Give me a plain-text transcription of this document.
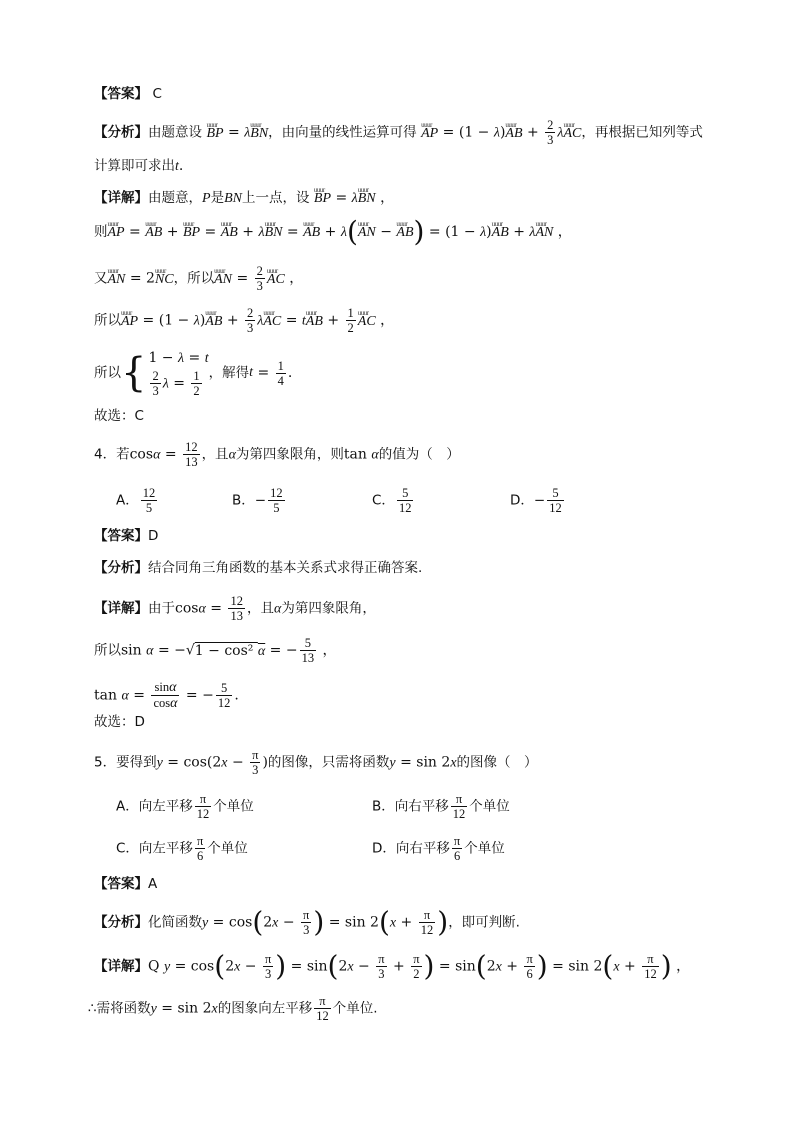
【答案】 C
【分析】由题意设 uuur BP = λuuur BN，由向量的线性运算可得 uuur AP = (1 − λ)uuur AB + $\frac{2}{3}$ λuuur AC，再根据已知列等式
计算即可求出t.
【详解】由题意，P是BN上一点，设 uuur BP = λuuur BN ，
则uuur AP = uuur AB + uuur BP = uuur AB + λuuur BN = uuur AB + λ(uuur AN − uuur AB) = (1 − λ)uuur AB + λuuur AN ，
又uuur AN = 2uuur NC，所以uuur AN = $\frac{2}{3}$ uuur AC ，
所以uuur AP = (1 − λ)uuur AB + $\frac{2}{3}$ λuuur AC = tuuur AB + $\frac{1}{2}$ uuur AC ，
所以{ 1 − λ = t
$\frac{2}{3}$ $\lambda = \frac{1}{2}$ ，解得$t = \frac{1}{4}$ .
故选：C
4．若$\cos\alpha = \frac{12}{13}$ ，且α为第四象限角，则tan α的值为（　）
A． $\frac{12}{5}$	B．− $\frac{12}{5}$	C． $\frac{5}{12}$	D．− $\frac{5}{12}$
【答案】D
【分析】结合同角三角函数的基本关系式求得正确答案.
【详解】由于$\cos\alpha = \frac{12}{13}$ ，且α为第四象限角，
所以sin α = −√1 − cos² α = − $\frac{5}{13}$ ，
$\tan \alpha = \frac{\sin\alpha}{\cos\alpha}$ = − $\frac{5}{12}$ .
故选：D
5．要得到$y = \cos(2x - \frac{\pi}{3}$ )的图像，只需将函数y = sin 2x的图像（　）
A．向左平移 $\frac{\pi}{12}$ 个单位	B．向右平移 $\frac{\pi}{12}$ 个单位
C．向左平移 $\frac{\pi}{6}$ 个单位	D．向右平移 $\frac{\pi}{6}$ 个单位
【答案】A
【分析】化简函数$y = \cos(2x - \frac{\pi}{3}$ ) = $\sin 2(x + \frac{\pi}{12}$ )，即可判断.
【详解】Q $y = \cos(2x - \frac{\pi}{3}$ ) = $\sin(2x - \frac{\pi}{3} + \frac{\pi}{2}$ ) = $\sin(2x + \frac{\pi}{6}$ ) = $\sin 2(x + \frac{\pi}{12}$ ) ，
∴需将函数y = sin 2x的图象向左平移 $\frac{\pi}{12}$ 个单位.
